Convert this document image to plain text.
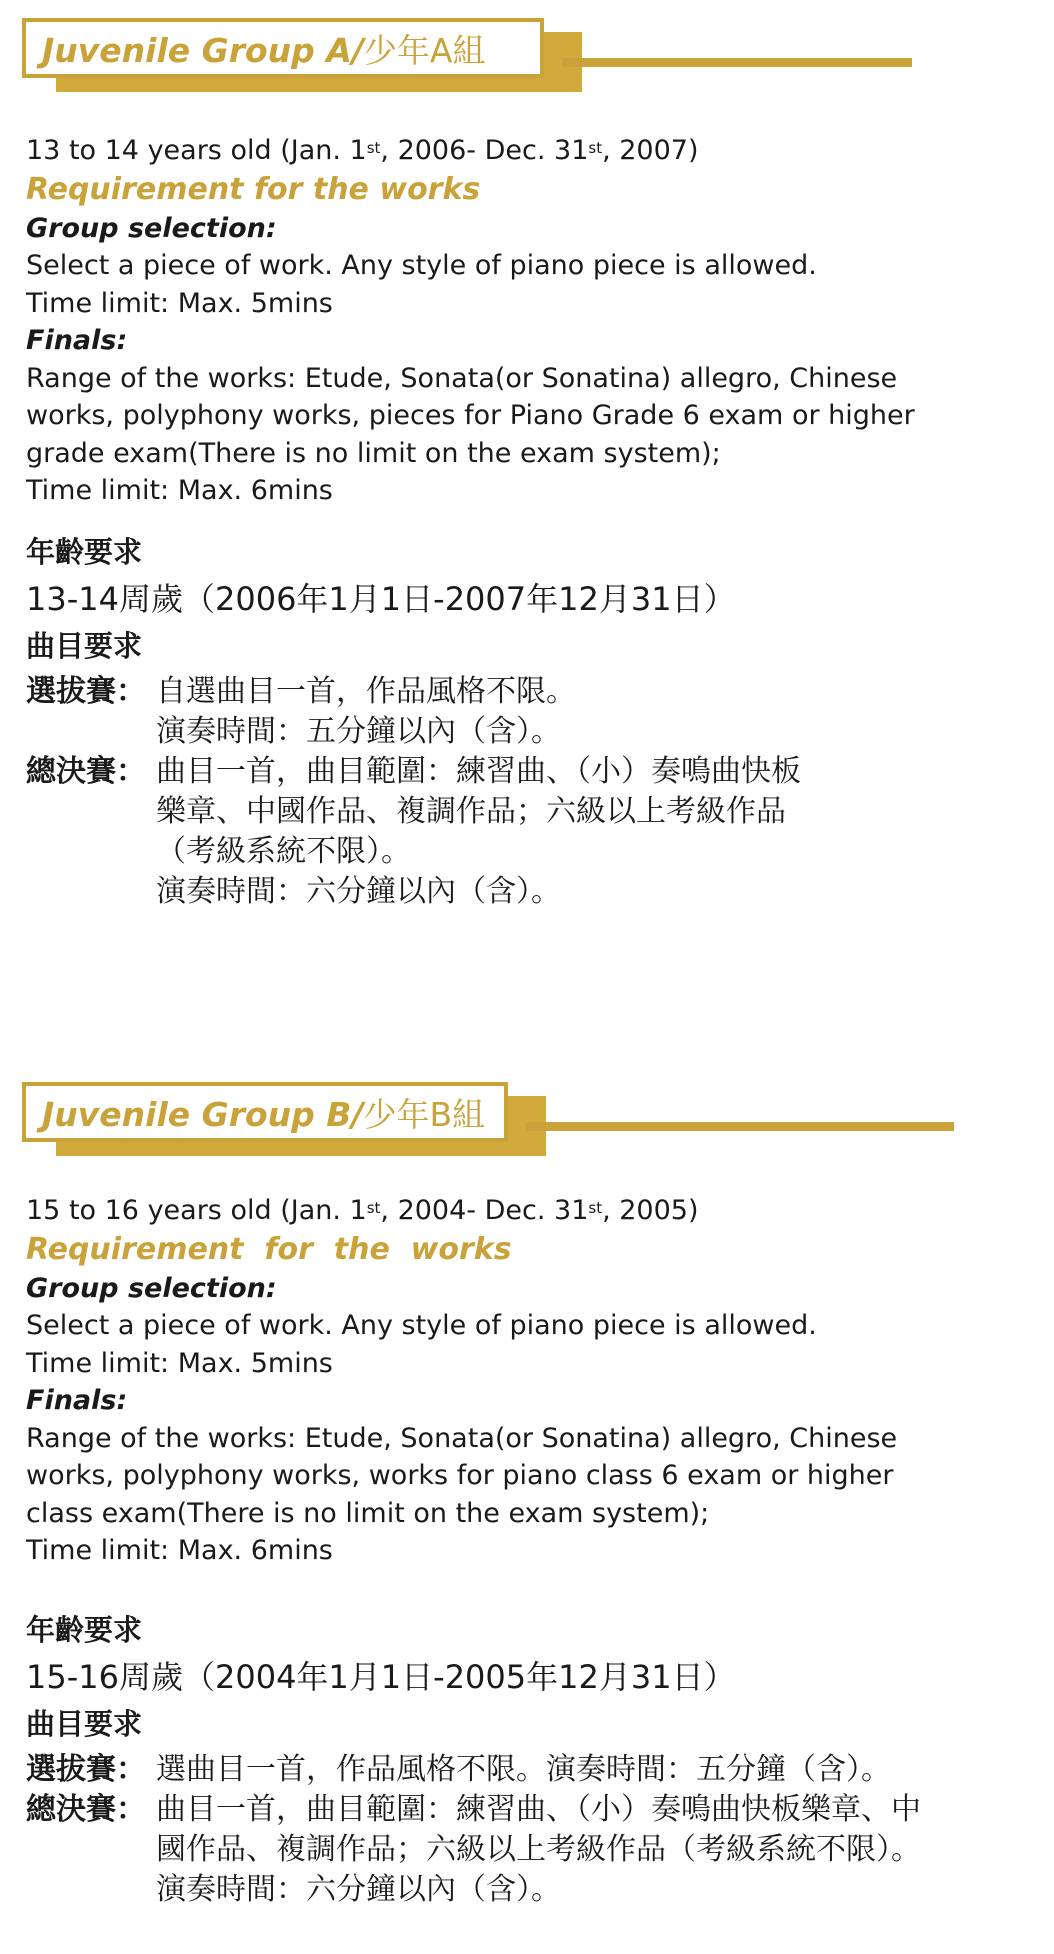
Juvenile Group A/少年A組
13 to 14 years old (Jan. 1st, 2006- Dec. 31st, 2007)
Requirement for the works
Group selection:
Select a piece of work. Any style of piano piece is allowed.
Time limit: Max. 5mins
Finals:
Range of the works: Etude, Sonata(or Sonatina) allegro, Chinese
works, polyphony works, pieces for Piano Grade 6 exam or higher
grade exam(There is no limit on the exam system);
Time limit: Max. 6mins
年齡要求
13-14周歲（2006年1月1日-2007年12月31日）
曲目要求
選拔賽： 自選曲目一首，作品風格不限。
演奏時間：五分鐘以內（含）。
總決賽： 曲目一首，曲目範圍：練習曲、（小）奏鳴曲快板
樂章、中國作品、複調作品；六級以上考級作品
（考級系統不限）。
演奏時間：六分鐘以內（含）。
Juvenile Group B/少年B組
15 to 16 years old (Jan. 1st, 2004- Dec. 31st, 2005)
Requirement  for  the  works
Group selection:
Select a piece of work. Any style of piano piece is allowed.
Time limit: Max. 5mins
Finals:
Range of the works: Etude, Sonata(or Sonatina) allegro, Chinese
works, polyphony works, works for piano class 6 exam or higher
class exam(There is no limit on the exam system);
Time limit: Max. 6mins
年齡要求
15-16周歲（2004年1月1日-2005年12月31日）
曲目要求
選拔賽： 選曲目一首，作品風格不限。演奏時間：五分鐘（含）。
總決賽： 曲目一首，曲目範圍：練習曲、（小）奏鳴曲快板樂章、中
國作品、複調作品；六級以上考級作品（考級系統不限）。
演奏時間：六分鐘以內（含）。
